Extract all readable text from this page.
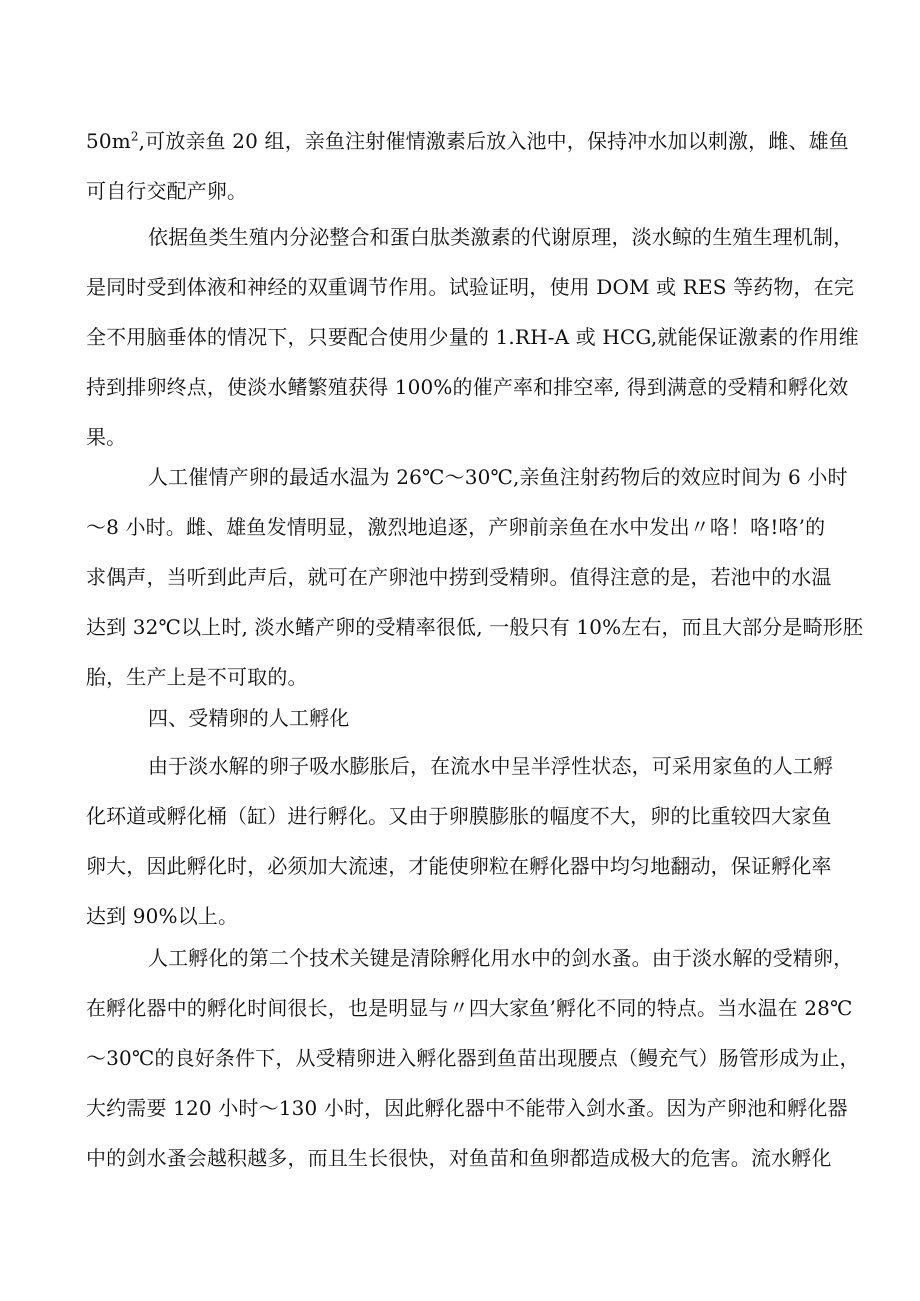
$50m^2$,可放亲鱼 20 组，亲鱼注射催情激素后放入池中，保持冲水加以刺激，雌、雄鱼
可自行交配产卵。

依据鱼类生殖内分泌整合和蛋白肽类激素的代谢原理，淡水鲸的生殖生理机制，
是同时受到体液和神经的双重调节作用。试验证明，使用 DOM 或 RES 等药物，在完
全不用脑垂体的情况下，只要配合使用少量的 1.RH-A 或 HCG,就能保证激素的作用维
持到排卵终点，使淡水鳍繁殖获得 100%的催产率和排空率, 得到满意的受精和孵化效
果。

人工催情产卵的最适水温为 26℃～30℃,亲鱼注射药物后的效应时间为 6 小时
～8 小时。雌、雄鱼发情明显，激烈地追逐，产卵前亲鱼在水中发出〃咯！咯!咯’的
求偶声，当听到此声后，就可在产卵池中捞到受精卵。值得注意的是，若池中的水温
达到 32℃以上时, 淡水鳍产卵的受精率很低, 一般只有 10%左右，而且大部分是畸形胚
胎，生产上是不可取的。

四、受精卵的人工孵化

由于淡水解的卵子吸水膨胀后，在流水中呈半浮性状态，可采用家鱼的人工孵
化环道或孵化桶（缸）进行孵化。又由于卵膜膨胀的幅度不大，卵的比重较四大家鱼
卵大，因此孵化时，必须加大流速，才能使卵粒在孵化器中均匀地翻动，保证孵化率
达到 90%以上。

人工孵化的第二个技术关键是清除孵化用水中的剑水蚤。由于淡水解的受精卵，
在孵化器中的孵化时间很长，也是明显与〃四大家鱼’孵化不同的特点。当水温在 28℃
～30℃的良好条件下，从受精卵进入孵化器到鱼苗出现腰点（鳗充气）肠管形成为止，
大约需要 120 小时～130 小时，因此孵化器中不能带入剑水蚤。因为产卵池和孵化器
中的剑水蚤会越积越多，而且生长很快，对鱼苗和鱼卵都造成极大的危害。流水孵化
